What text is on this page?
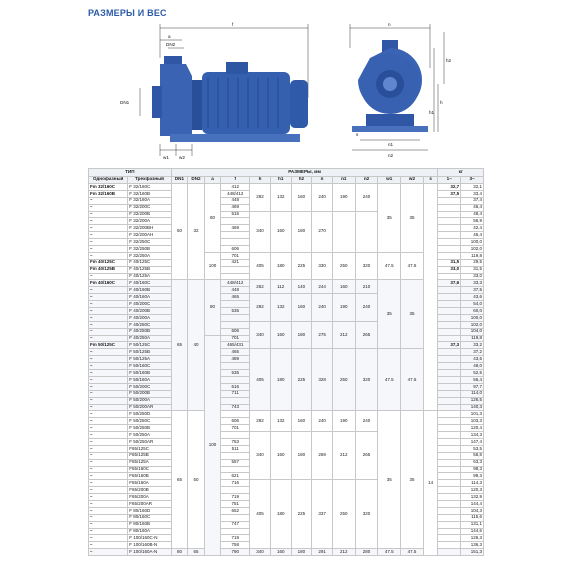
РАЗМЕРЫ И ВЕС
f
a
DN2
DN1
w1 w2
n
h
h1
h2
n1
n2
s
ТИП		РАЗМЕРЫ, мм													кг	
Однофазный	Трехфазный	DN1	DN2	a	f	h	h1	h2	n	n1	n2	w1	w2	s	1~	3~
Fm 32/160C	F 32/160C	50	32	80	412	292	132	160	240	190	240	35	35		32,7	32,1
Fm 32/160B	F 32/160B				448/412										37,5	33,4
–	F 32/160A				448											37,4
–	F 32/200C				469											46,4
–	F 32/200B				515	340	160	180	270							48,4
–	F 32/200A															56,9
–	F 32/200BH				469											42,4
–	F 32/200AH															46,4
–	F 32/250C															100,0
–	F 32/250B				606											102,0
–	F 32/250A			100	701	405	180	225	330	250	320	47.5	47.5			119,8
Fm 40/125C	F 40/125C				421										31,5	29,5
Fm 40/125B	F 40/125B														33,0	31,5
–	F 40/125A															33,0
Fm 40/160C	F 40/160C	65	40	80	448/412	252	112	140	244	160	210	35	35		37,6	33,3
–	F 40/160B				448											37,5
–	F 40/160A				465	292	132	160	240	190	240					43,6
–	F 40/200C															54,0
–	F 40/200B				535											60,0
–	F 40/200A															100,0
–	F 40/250C					340	160	180	275	212	265					102,0
–	F 40/250B				606											104,0
–	F 40/250A			100	701											119,8
Fm 50/125C	F 50/125C				465/431										37,3	33,2
–	F 50/125B				465	405	180	225	328	250	320	47.5	47.5			37,2
–	F 50/125A				489											43,5
–	F 50/160C															48,0
–	F 50/160B				535											52,5
–	F 50/160A															56,4
–	F 50/200C				616											97,7
–	F 50/200B				711											114,0
–	F 50/200A															126,5
–	F 50/200AR				743											140,3
–	F 50/250D	65	50			292	132	160	240	190	240	35	35	14		101,3
–	F 50/250C				606											103,3
–	F 50/250B				701											120,4
–	F 50/250A					340	160	180	269	212	265					134,3
–	F 50/250AR				753											147,4
–	F65/125C				511											53,5
–	F65/125B															56,8
–	F65/125A				557											63,3
–	F65/160C															98,3
–	F65/160B				621											99,3
–	F65/160A				716	405	180	225	337	250	320					114,3
–	F65/200B															120,3
–	F65/200A				719											132,9
–	F65/200AR				751											144,4
–	F 80/160D				652											104,3
–	F 80/160C															115,6
–	F 80/160B				747											131,1
–	F 80/160A															144,6
–	F 100/160C-N				719											126,3
–	F 100/160B-N				758											136,3
–	F 100/160A-N	80	65		790	340	160	180	291	212	280	47.5	47.5			151,3
